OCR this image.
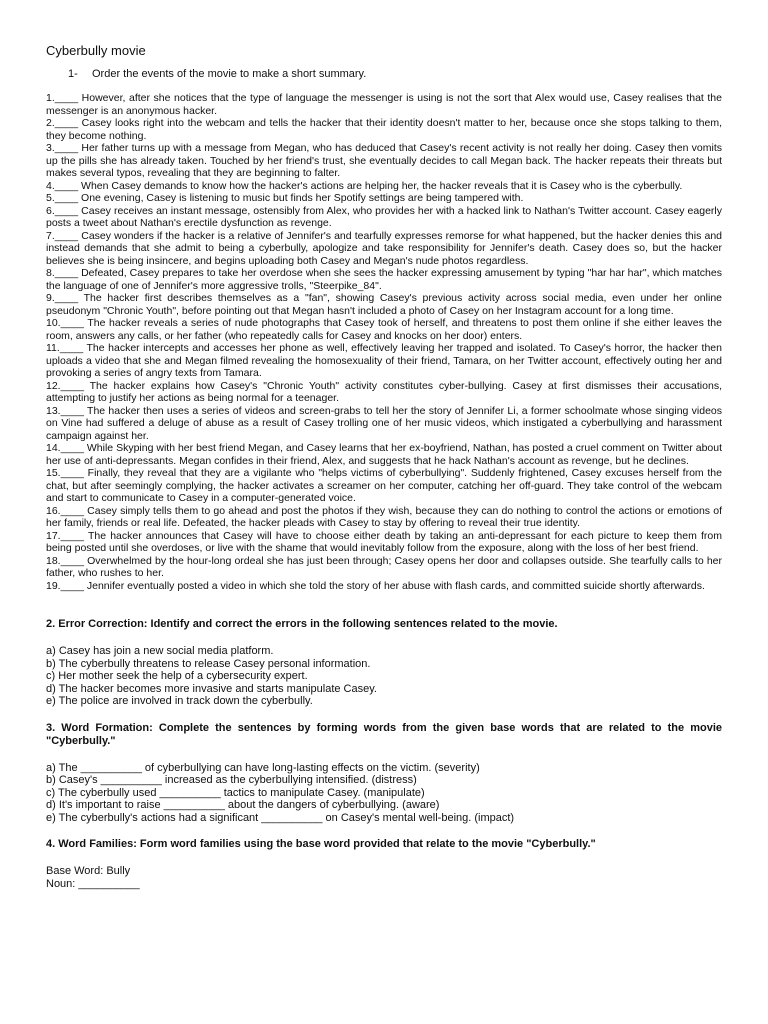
Cyberbully movie
1- Order the events of the movie to make a short summary.

1.____ However, after she notices that the type of language the messenger is using is not the sort that Alex would use, Casey realises that the messenger is an anonymous hacker.

2.____ Casey looks right into the webcam and tells the hacker that their identity doesn't matter to her, because once she stops talking to them, they become nothing.

3.____ Her father turns up with a message from Megan, who has deduced that Casey's recent activity is not really her doing. Casey then vomits up the pills she has already taken. Touched by her friend's trust, she eventually decides to call Megan back. The hacker repeats their threats but makes several typos, revealing that they are beginning to falter.

4.____ When Casey demands to know how the hacker's actions are helping her, the hacker reveals that it is Casey who is the cyberbully.

5.____ One evening, Casey is listening to music but finds her Spotify settings are being tampered with.

6.____ Casey receives an instant message, ostensibly from Alex, who provides her with a hacked link to Nathan's Twitter account. Casey eagerly posts a tweet about Nathan's erectile dysfunction as revenge.

7.____ Casey wonders if the hacker is a relative of Jennifer's and tearfully expresses remorse for what happened, but the hacker denies this and instead demands that she admit to being a cyberbully, apologize and take responsibility for Jennifer's death. Casey does so, but the hacker believes she is being insincere, and begins uploading both Casey and Megan's nude photos regardless.

8.____ Defeated, Casey prepares to take her overdose when she sees the hacker expressing amusement by typing "har har har", which matches the language of one of Jennifer's more aggressive trolls, "Steerpike_84".

9.____ The hacker first describes themselves as a "fan", showing Casey's previous activity across social media, even under her online pseudonym "Chronic Youth", before pointing out that Megan hasn't included a photo of Casey on her Instagram account for a long time.

10.____ The hacker reveals a series of nude photographs that Casey took of herself, and threatens to post them online if she either leaves the room, answers any calls, or her father (who repeatedly calls for Casey and knocks on her door) enters.

11.____ The hacker intercepts and accesses her phone as well, effectively leaving her trapped and isolated. To Casey's horror, the hacker then uploads a video that she and Megan filmed revealing the homosexuality of their friend, Tamara, on her Twitter account, effectively outing her and provoking a series of angry texts from Tamara.

12.____ The hacker explains how Casey's "Chronic Youth" activity constitutes cyber-bullying. Casey at first dismisses their accusations, attempting to justify her actions as being normal for a teenager.

13.____ The hacker then uses a series of videos and screen-grabs to tell her the story of Jennifer Li, a former schoolmate whose singing videos on Vine had suffered a deluge of abuse as a result of Casey trolling one of her music videos, which instigated a cyberbullying and harassment campaign against her.

14.____ While Skyping with her best friend Megan, and Casey learns that her ex-boyfriend, Nathan, has posted a cruel comment on Twitter about her use of anti-depressants. Megan confides in their friend, Alex, and suggests that he hack Nathan's account as revenge, but he declines.

15.____ Finally, they reveal that they are a vigilante who "helps victims of cyberbullying". Suddenly frightened, Casey excuses herself from the chat, but after seemingly complying, the hacker activates a screamer on her computer, catching her off-guard. They take control of the webcam and start to communicate to Casey in a computer-generated voice.

16.____ Casey simply tells them to go ahead and post the photos if they wish, because they can do nothing to control the actions or emotions of her family, friends or real life. Defeated, the hacker pleads with Casey to stay by offering to reveal their true identity.

17.____ The hacker announces that Casey will have to choose either death by taking an anti-depressant for each picture to keep them from being posted until she overdoses, or live with the shame that would inevitably follow from the exposure, along with the loss of her best friend.

18.____ Overwhelmed by the hour-long ordeal she has just been through; Casey opens her door and collapses outside. She tearfully calls to her father, who rushes to her.

19.____ Jennifer eventually posted a video in which she told the story of her abuse with flash cards, and committed suicide shortly afterwards.

2. Error Correction: Identify and correct the errors in the following sentences related to the movie.
a) Casey has join a new social media platform.
b) The cyberbully threatens to release Casey personal information.
c) Her mother seek the help of a cybersecurity expert.
d) The hacker becomes more invasive and starts manipulate Casey.
e) The police are involved in track down the cyberbully.
3. Word Formation: Complete the sentences by forming words from the given base words that are related to the movie "Cyberbully."
a) The __________ of cyberbullying can have long-lasting effects on the victim. (severity)
b) Casey's __________ increased as the cyberbullying intensified. (distress)
c) The cyberbully used __________ tactics to manipulate Casey. (manipulate)
d) It's important to raise __________ about the dangers of cyberbullying. (aware)
e) The cyberbully's actions had a significant __________ on Casey's mental well-being. (impact)
4. Word Families: Form word families using the base word provided that relate to the movie "Cyberbully."
Base Word: Bully
Noun: __________
